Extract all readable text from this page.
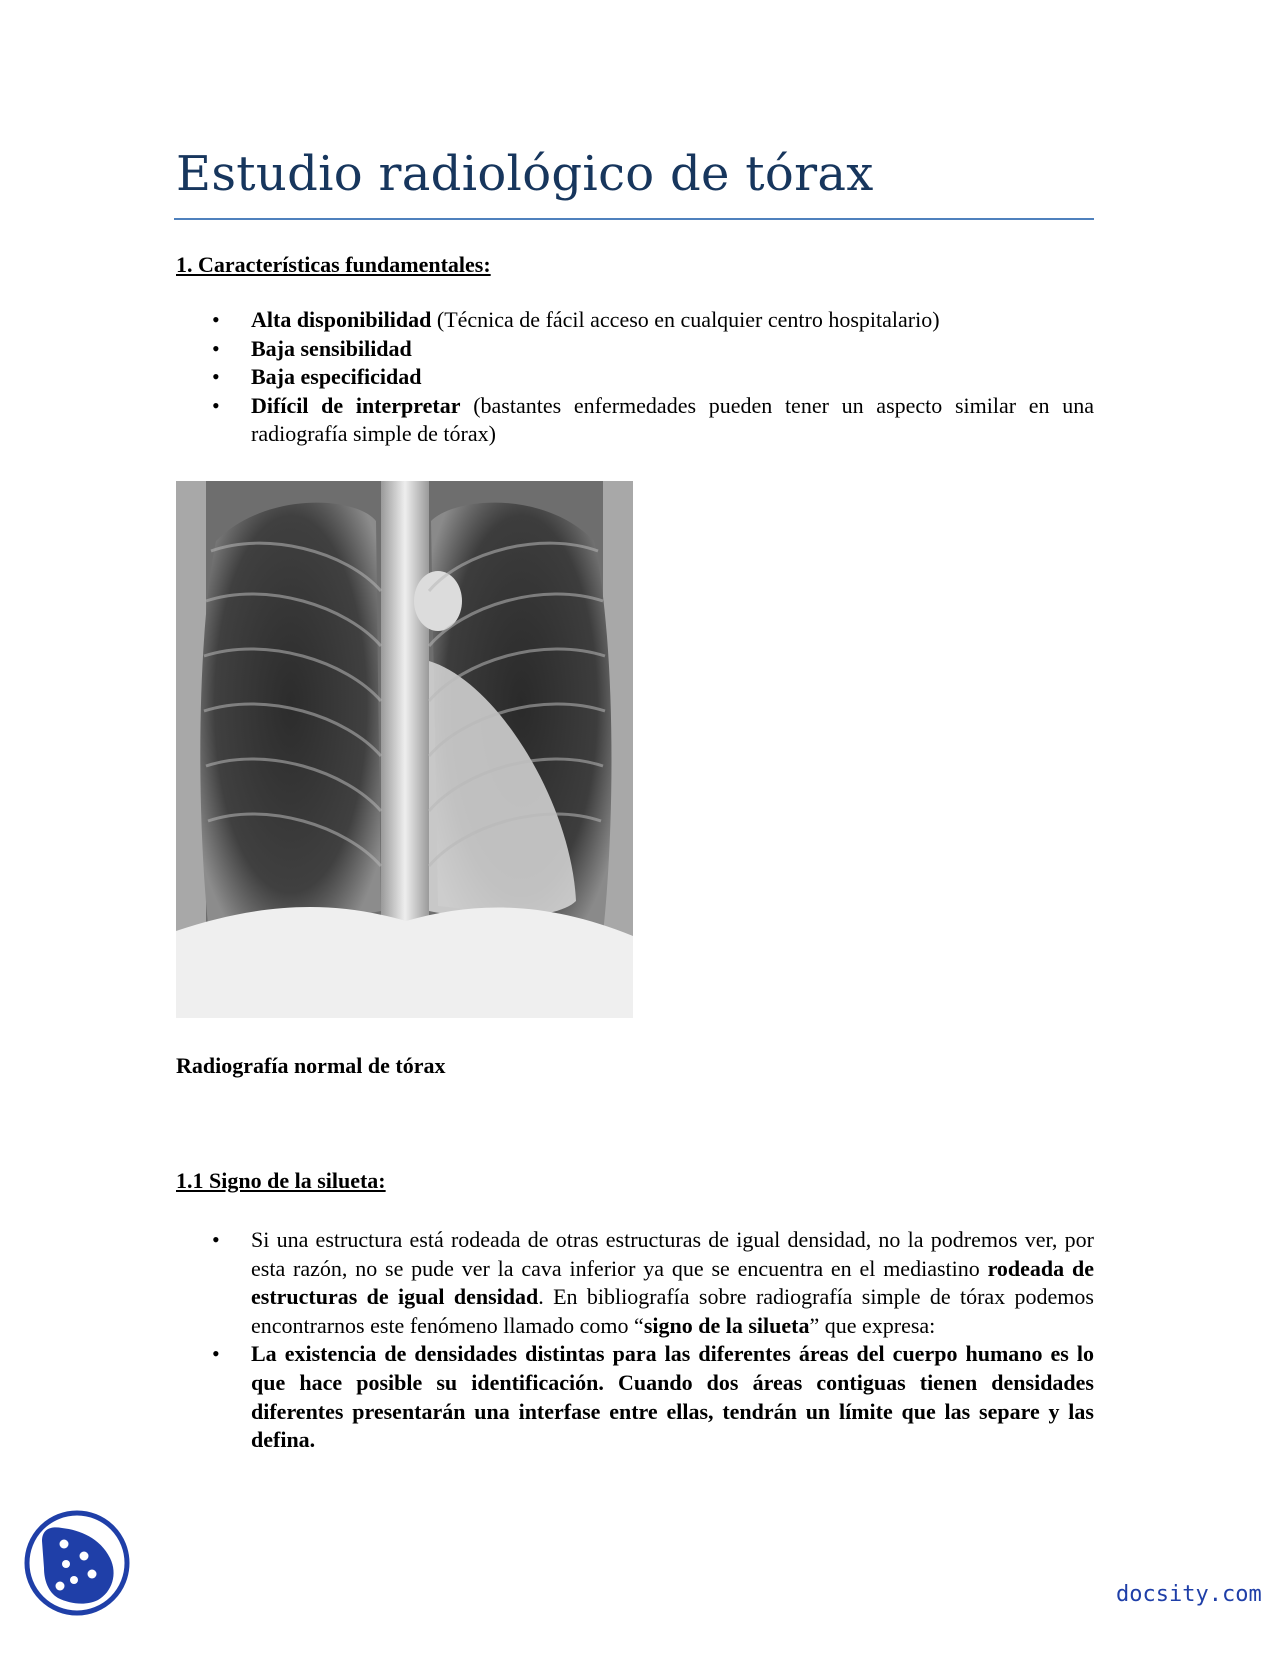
Estudio radiológico de tórax
1. Características fundamentales:
• Alta disponibilidad (Técnica de fácil acceso en cualquier centro hospitalario)
• Baja sensibilidad
• Baja especificidad
• Difícil de interpretar (bastantes enfermedades pueden tener un aspecto similar en una radiografía simple de tórax)

Radiografía normal de tórax

1.1 Signo de la silueta:
• Si una estructura está rodeada de otras estructuras de igual densidad, no la podremos ver, por esta razón, no se pude ver la cava inferior ya que se encuentra en el mediastino rodeada de estructuras de igual densidad. En bibliografía sobre radiografía simple de tórax podemos encontrarnos este fenómeno llamado como “signo de la silueta” que expresa:
• La existencia de densidades distintas para las diferentes áreas del cuerpo humano es lo que hace posible su identificación. Cuando dos áreas contiguas tienen densidades diferentes presentarán una interfase entre ellas, tendrán un límite que las separe y las defina.
docsity.com
